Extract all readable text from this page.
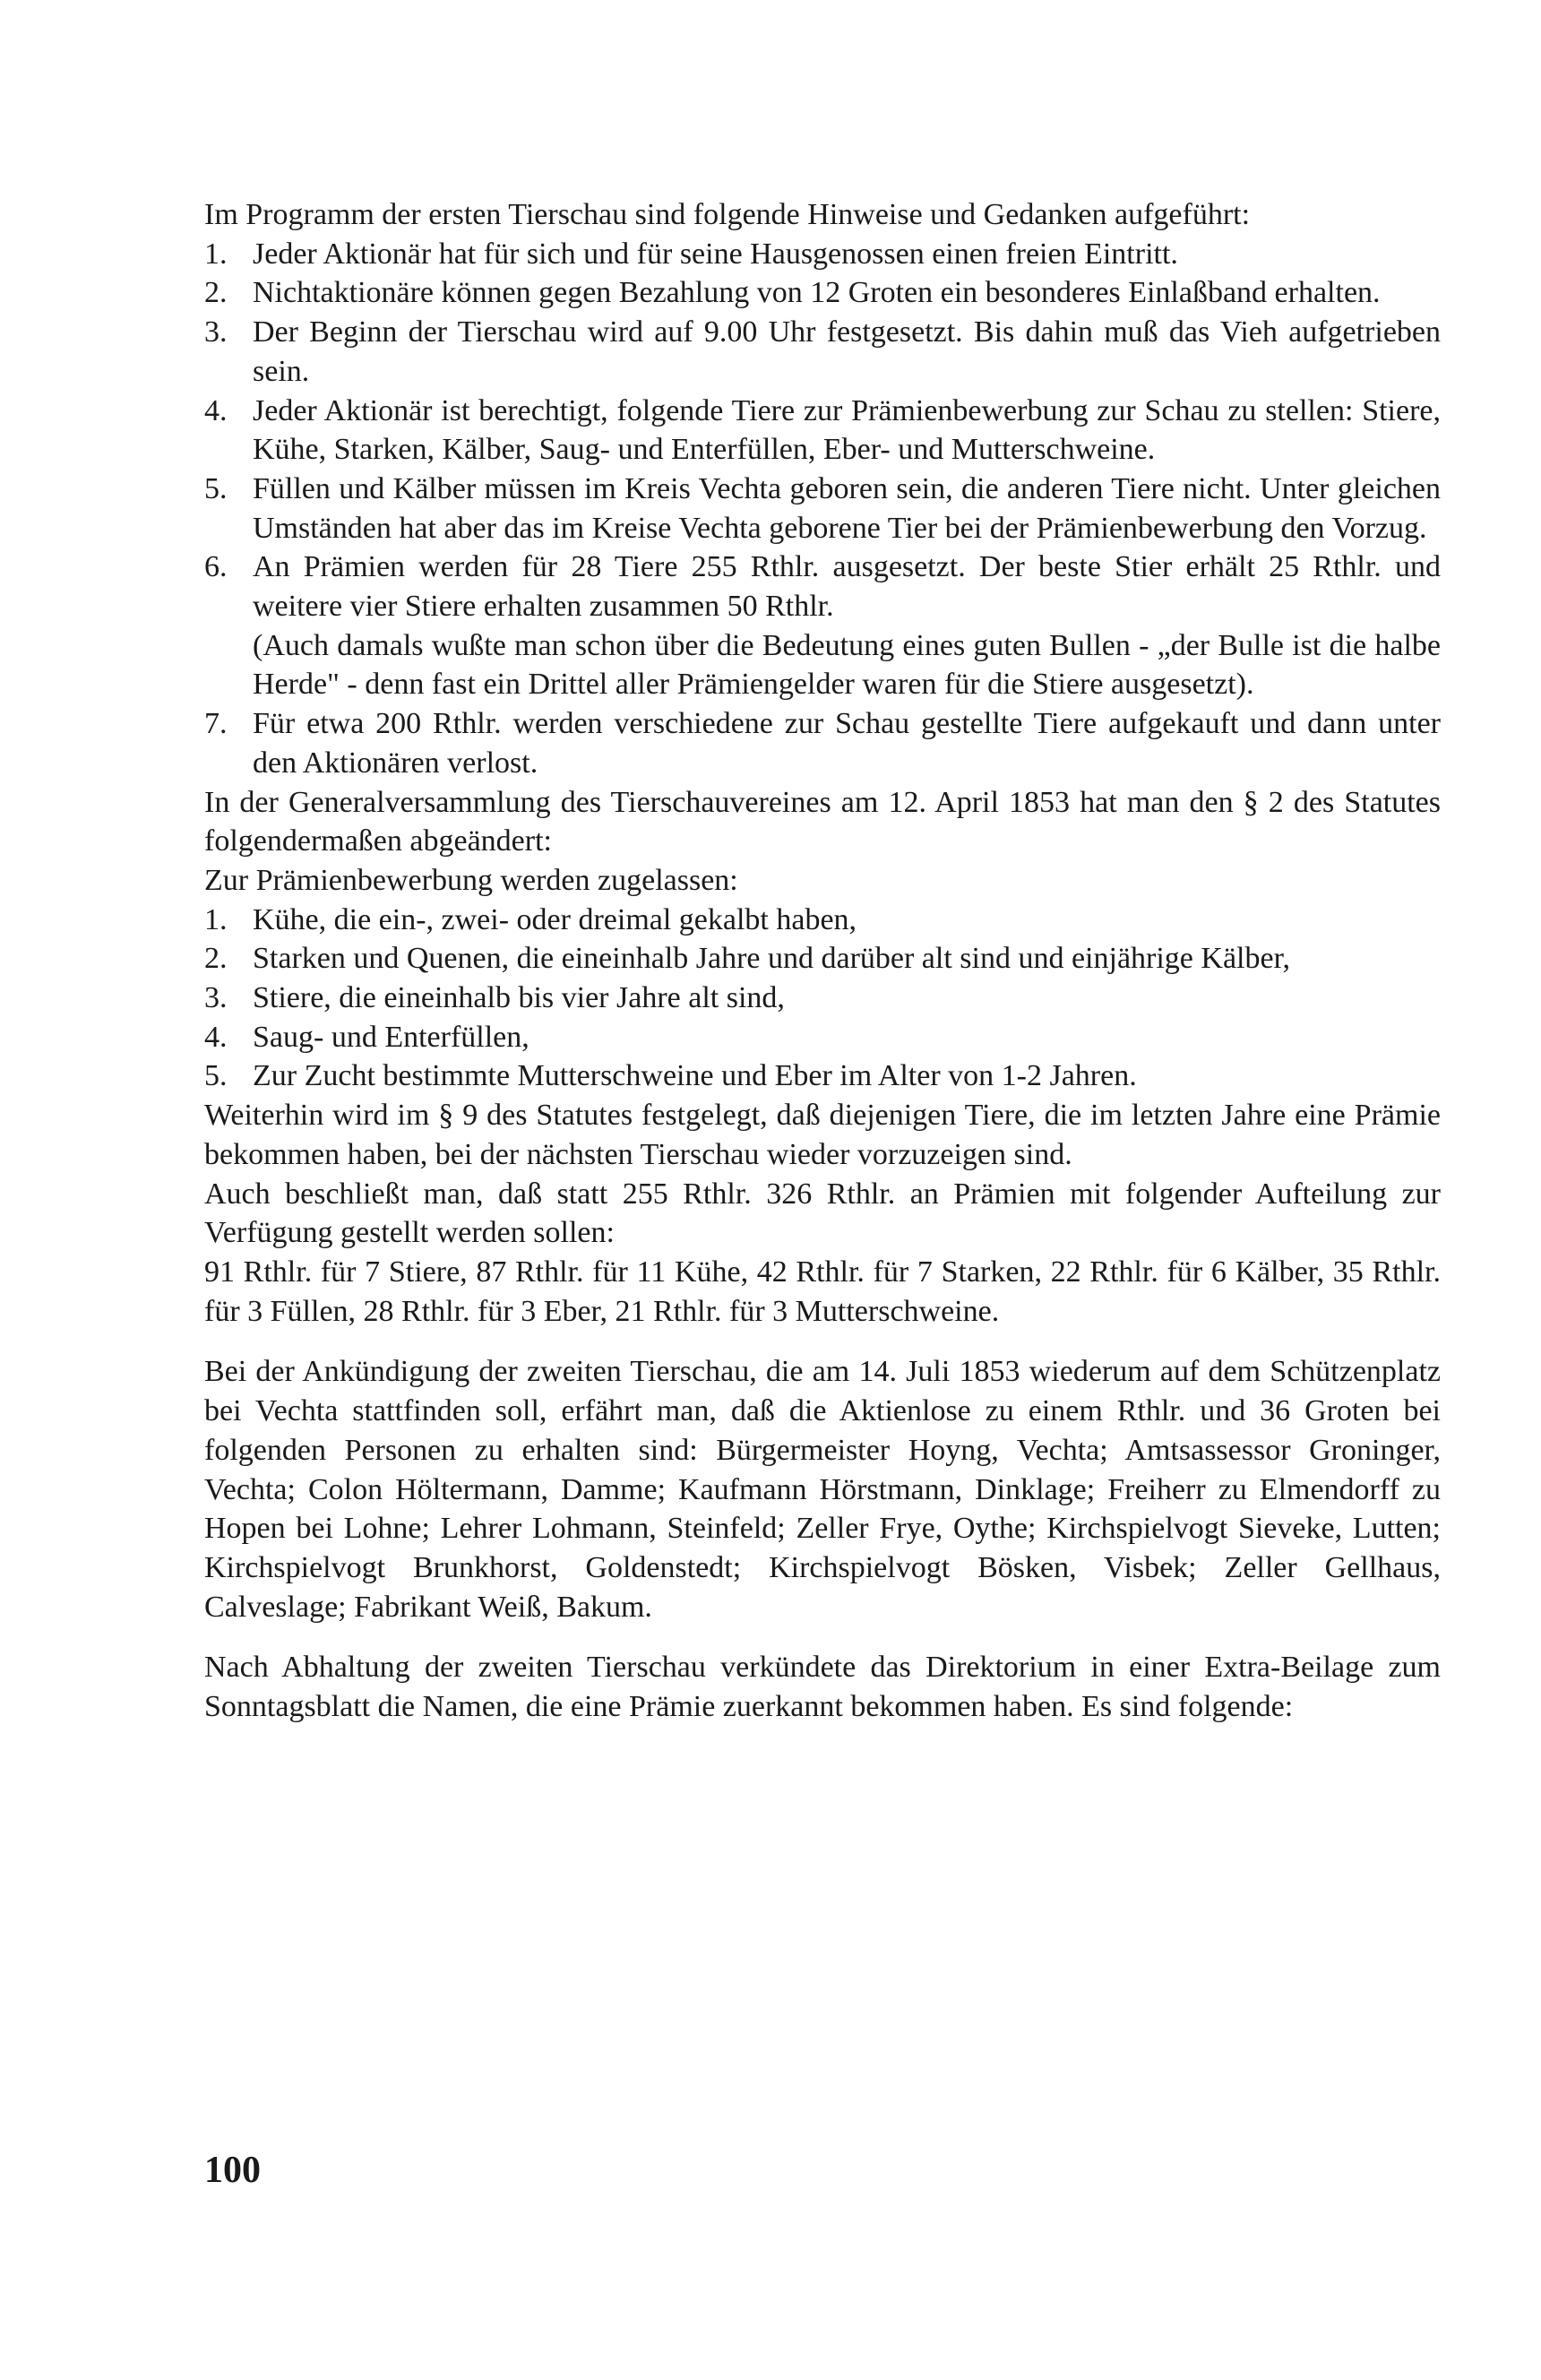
Im Programm der ersten Tierschau sind folgende Hinweise und Gedanken aufgeführt:

1. Jeder Aktionär hat für sich und für seine Hausgenossen einen freien Eintritt.
2. Nichtaktionäre können gegen Bezahlung von 12 Groten ein besonderes Einlaßband erhalten.
3. Der Beginn der Tierschau wird auf 9.00 Uhr festgesetzt. Bis dahin muß das Vieh aufgetrieben sein.
4. Jeder Aktionär ist berechtigt, folgende Tiere zur Prämienbewerbung zur Schau zu stellen: Stiere, Kühe, Starken, Kälber, Saug- und Enterfüllen, Eber- und Mutterschweine.
5. Füllen und Kälber müssen im Kreis Vechta geboren sein, die anderen Tiere nicht. Unter gleichen Umständen hat aber das im Kreise Vechta geborene Tier bei der Prämienbewerbung den Vorzug.
6. An Prämien werden für 28 Tiere 255 Rthlr. ausgesetzt. Der beste Stier erhält 25 Rthlr. und weitere vier Stiere erhalten zusammen 50 Rthlr.

(Auch damals wußte man schon über die Bedeutung eines guten Bullen - „der Bulle ist die halbe Herde" - denn fast ein Drittel aller Prämiengelder waren für die Stiere ausgesetzt).

7. Für etwa 200 Rthlr. werden verschiedene zur Schau gestellte Tiere aufgekauft und dann unter den Aktionären verlost.

In der Generalversammlung des Tierschauvereines am 12. April 1853 hat man den § 2 des Statutes folgendermaßen abgeändert:

Zur Prämienbewerbung werden zugelassen:

1. Kühe, die ein-, zwei- oder dreimal gekalbt haben,
2. Starken und Quenen, die eineinhalb Jahre und darüber alt sind und einjährige Kälber,
3. Stiere, die eineinhalb bis vier Jahre alt sind,
4. Saug- und Enterfüllen,
5. Zur Zucht bestimmte Mutterschweine und Eber im Alter von 1-2 Jahren.

Weiterhin wird im § 9 des Statutes festgelegt, daß diejenigen Tiere, die im letzten Jahre eine Prämie bekommen haben, bei der nächsten Tierschau wieder vorzuzeigen sind.

Auch beschließt man, daß statt 255 Rthlr. 326 Rthlr. an Prämien mit folgender Aufteilung zur Verfügung gestellt werden sollen:

91 Rthlr. für 7 Stiere, 87 Rthlr. für 11 Kühe, 42 Rthlr. für 7 Starken, 22 Rthlr. für 6 Kälber, 35 Rthlr. für 3 Füllen, 28 Rthlr. für 3 Eber, 21 Rthlr. für 3 Mutterschweine.

Bei der Ankündigung der zweiten Tierschau, die am 14. Juli 1853 wiederum auf dem Schützenplatz bei Vechta stattfinden soll, erfährt man, daß die Aktienlose zu einem Rthlr. und 36 Groten bei folgenden Personen zu erhalten sind: Bürgermeister Hoyng, Vechta; Amtsassessor Groninger, Vechta; Colon Höltermann, Damme; Kaufmann Hörstmann, Dinklage; Freiherr zu Elmendorff zu Hopen bei Lohne; Lehrer Lohmann, Steinfeld; Zeller Frye, Oythe; Kirchspielvogt Sieveke, Lutten; Kirchspielvogt Brunkhorst, Goldenstedt; Kirchspielvogt Bösken, Visbek; Zeller Gellhaus, Calveslage; Fabrikant Weiß, Bakum.

Nach Abhaltung der zweiten Tierschau verkündete das Direktorium in einer Extra-Beilage zum Sonntagsblatt die Namen, die eine Prämie zuerkannt bekommen haben. Es sind folgende:

100
